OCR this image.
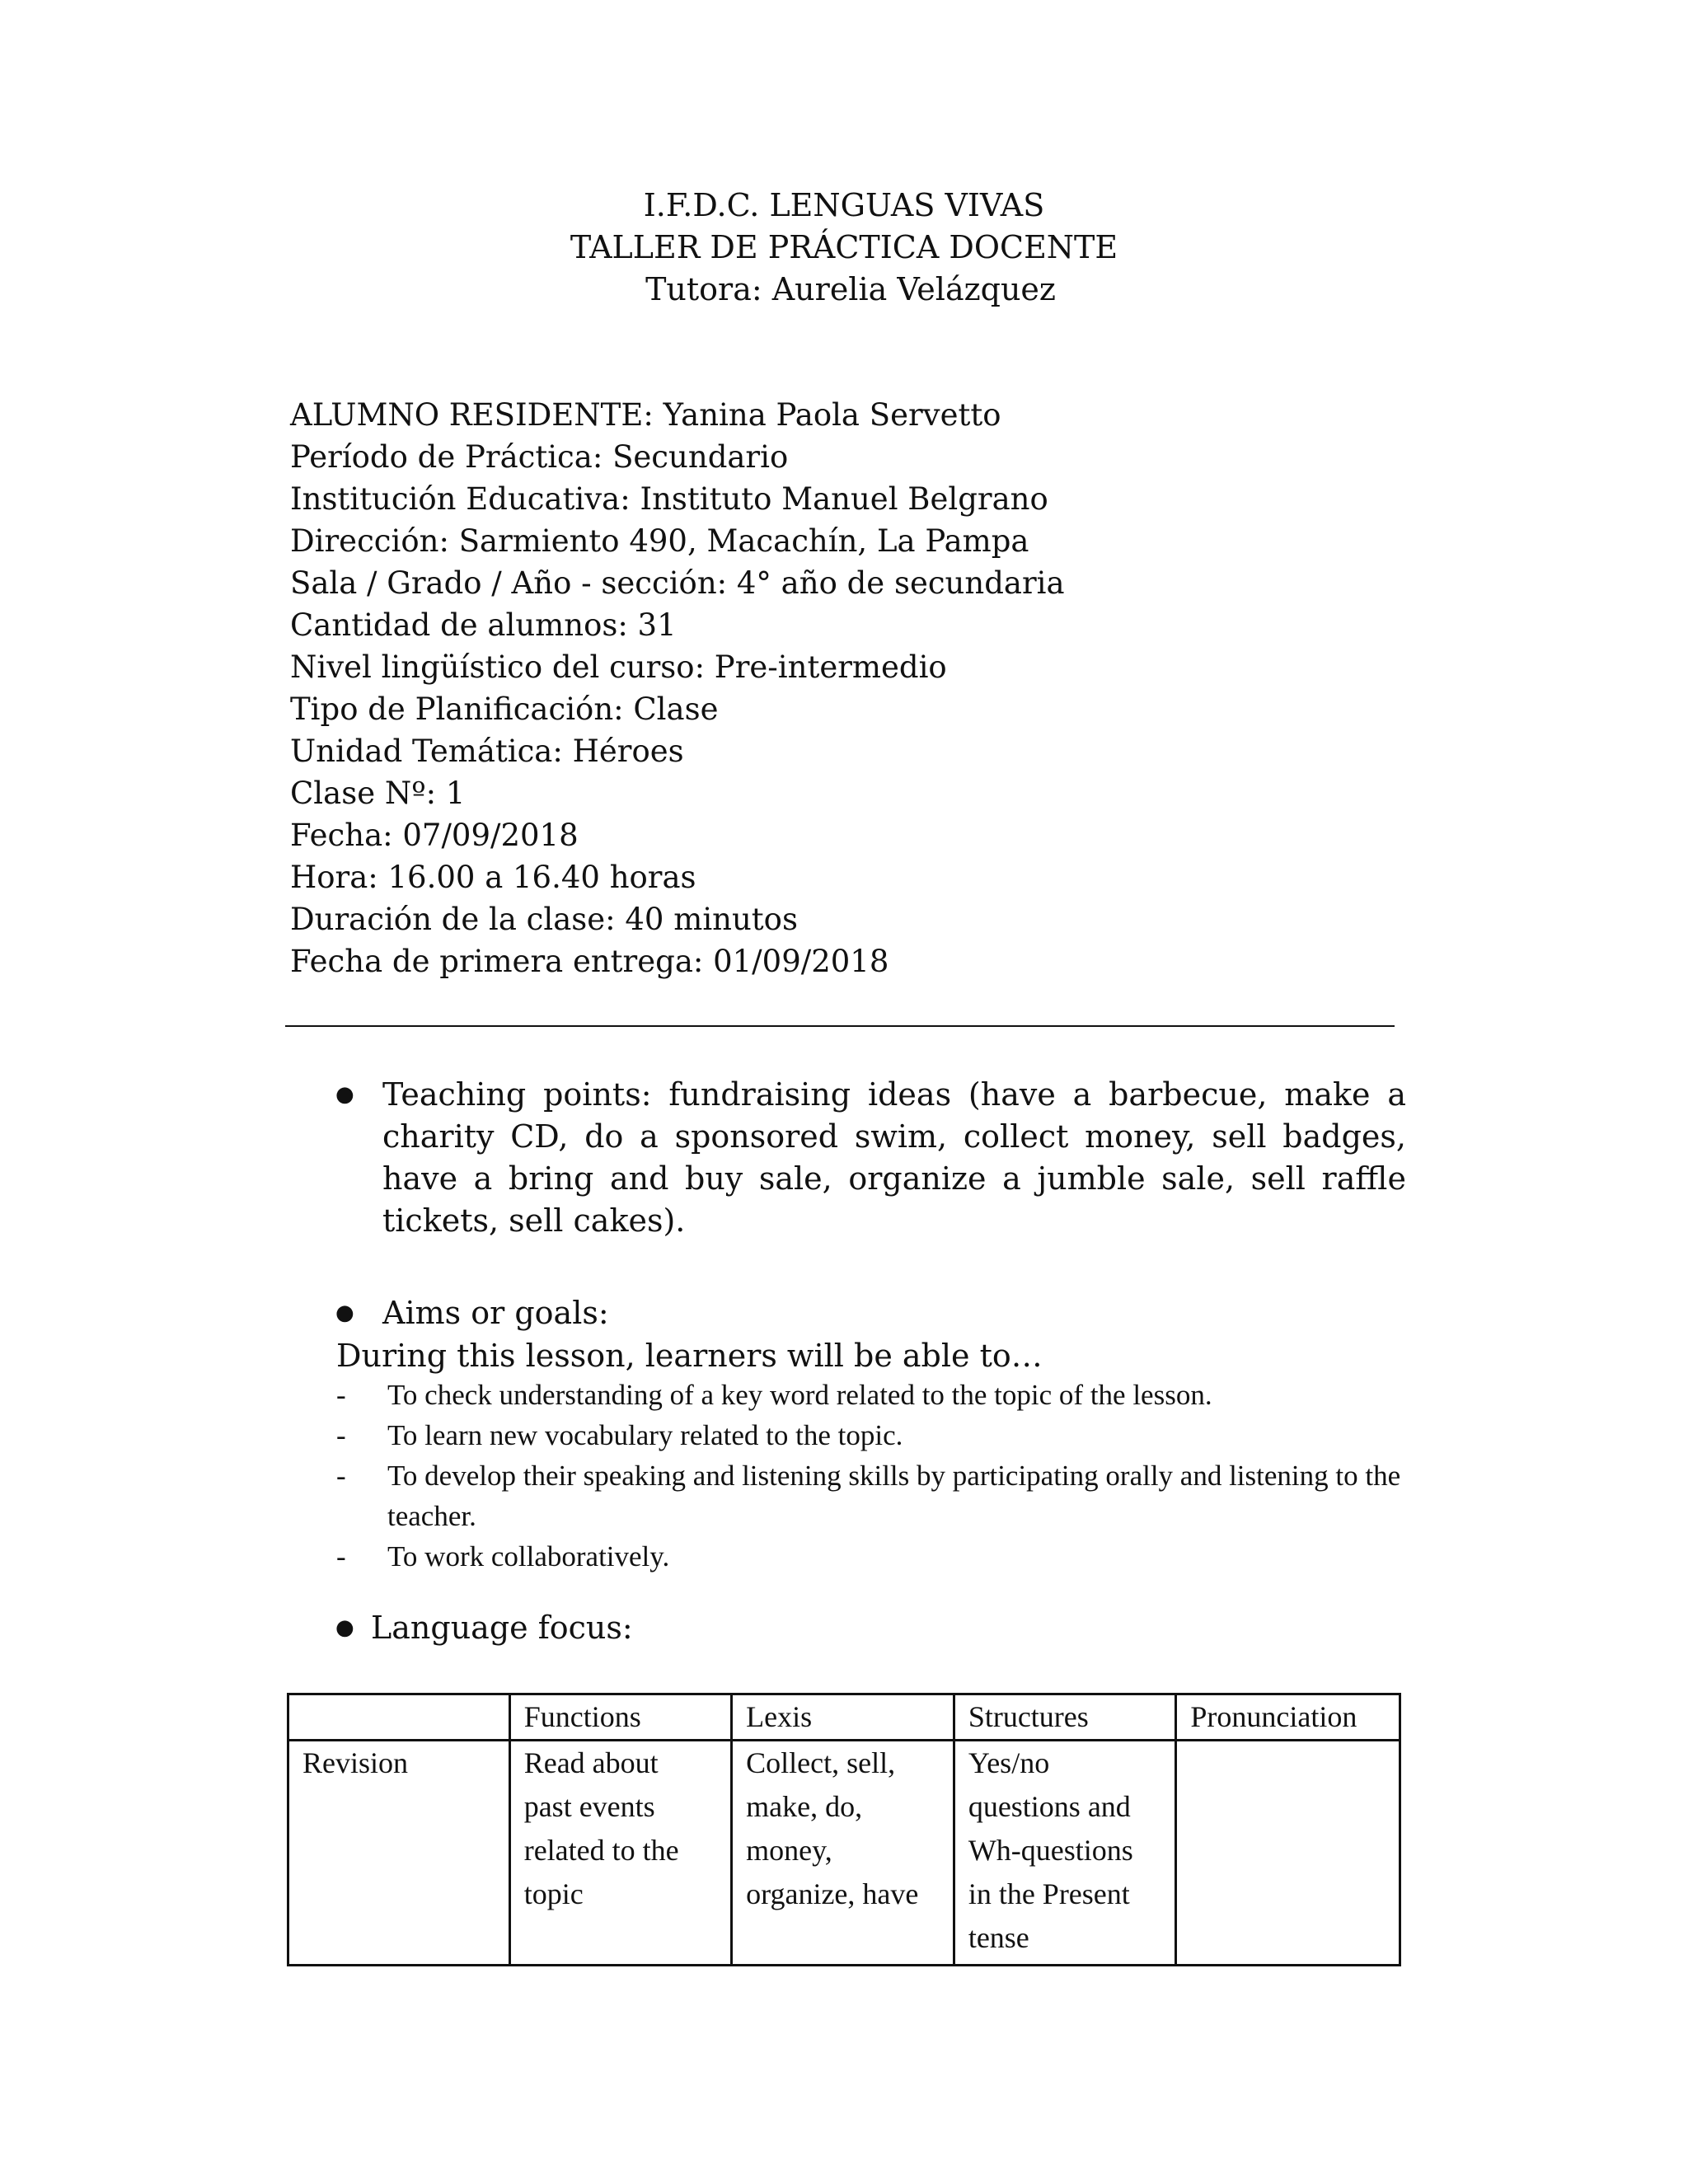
I.F.D.C. LENGUAS VIVAS
TALLER DE PRÁCTICA DOCENTE
Tutora: Aurelia Velázquez
ALUMNO RESIDENTE: Yanina Paola Servetto
Período de Práctica: Secundario
Institución Educativa: Instituto Manuel Belgrano
Dirección: Sarmiento 490, Macachín, La Pampa
Sala / Grado / Año - sección: 4° año de secundaria
Cantidad de alumnos: 31
Nivel lingüístico del curso: Pre-intermedio
Tipo de Planificación: Clase
Unidad Temática: Héroes
Clase Nº: 1
Fecha: 07/09/2018
Hora: 16.00 a 16.40 horas
Duración de la clase: 40 minutos
Fecha de primera entrega: 01/09/2018
● Teaching points: fundraising ideas (have a barbecue, make a charity CD, do a sponsored swim, collect money, sell badges, have a bring and buy sale, organize a jumble sale, sell raffle tickets, sell cakes).
● Aims or goals:
During this lesson, learners will be able to…
- To check understanding of a key word related to the topic of the lesson.
- To learn new vocabulary related to the topic.
- To develop their speaking and listening skills by participating orally and listening to the teacher.
- To work collaboratively.
● Language focus:
	Functions	Lexis	Structures	Pronunciation
Revision	Read about
past events
related to the
topic	Collect, sell,
make, do,
money,
organize, have	Yes/no
questions and
Wh-questions
in the Present
tense	
